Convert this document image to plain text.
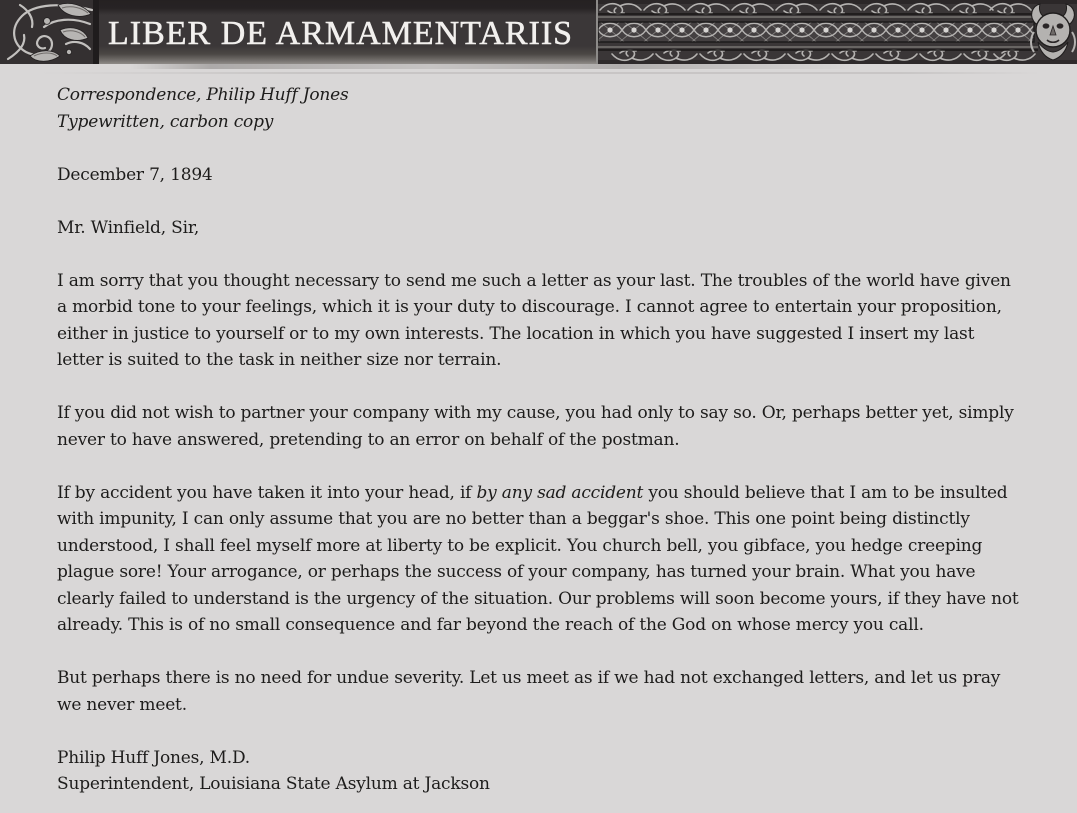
LIBER DE ARMAMENTARIIS

Correspondence, Philip Huff Jones

Typewritten, carbon copy

December 7, 1894

Mr. Winfield, Sir,

I am sorry that you thought necessary to send me such a letter as your last. The troubles of the world have given a morbid tone to your feelings, which it is your duty to discourage. I cannot agree to entertain your proposition, either in justice to yourself or to my own interests. The location in which you have suggested I insert my last letter is suited to the task in neither size nor terrain.

If you did not wish to partner your company with my cause, you had only to say so. Or, perhaps better yet, simply never to have answered, pretending to an error on behalf of the postman.

If by accident you have taken it into your head, if by any sad accident you should believe that I am to be insulted with impunity, I can only assume that you are no better than a beggar's shoe. This one point being distinctly understood, I shall feel myself more at liberty to be explicit. You church bell, you gibface, you hedge creeping plague sore! Your arrogance, or perhaps the success of your company, has turned your brain. What you have clearly failed to understand is the urgency of the situation. Our problems will soon become yours, if they have not already. This is of no small consequence and far beyond the reach of the God on whose mercy you call.

But perhaps there is no need for undue severity. Let us meet as if we had not exchanged letters, and let us pray we never meet.

Philip Huff Jones, M.D.

Superintendent, Louisiana State Asylum at Jackson
